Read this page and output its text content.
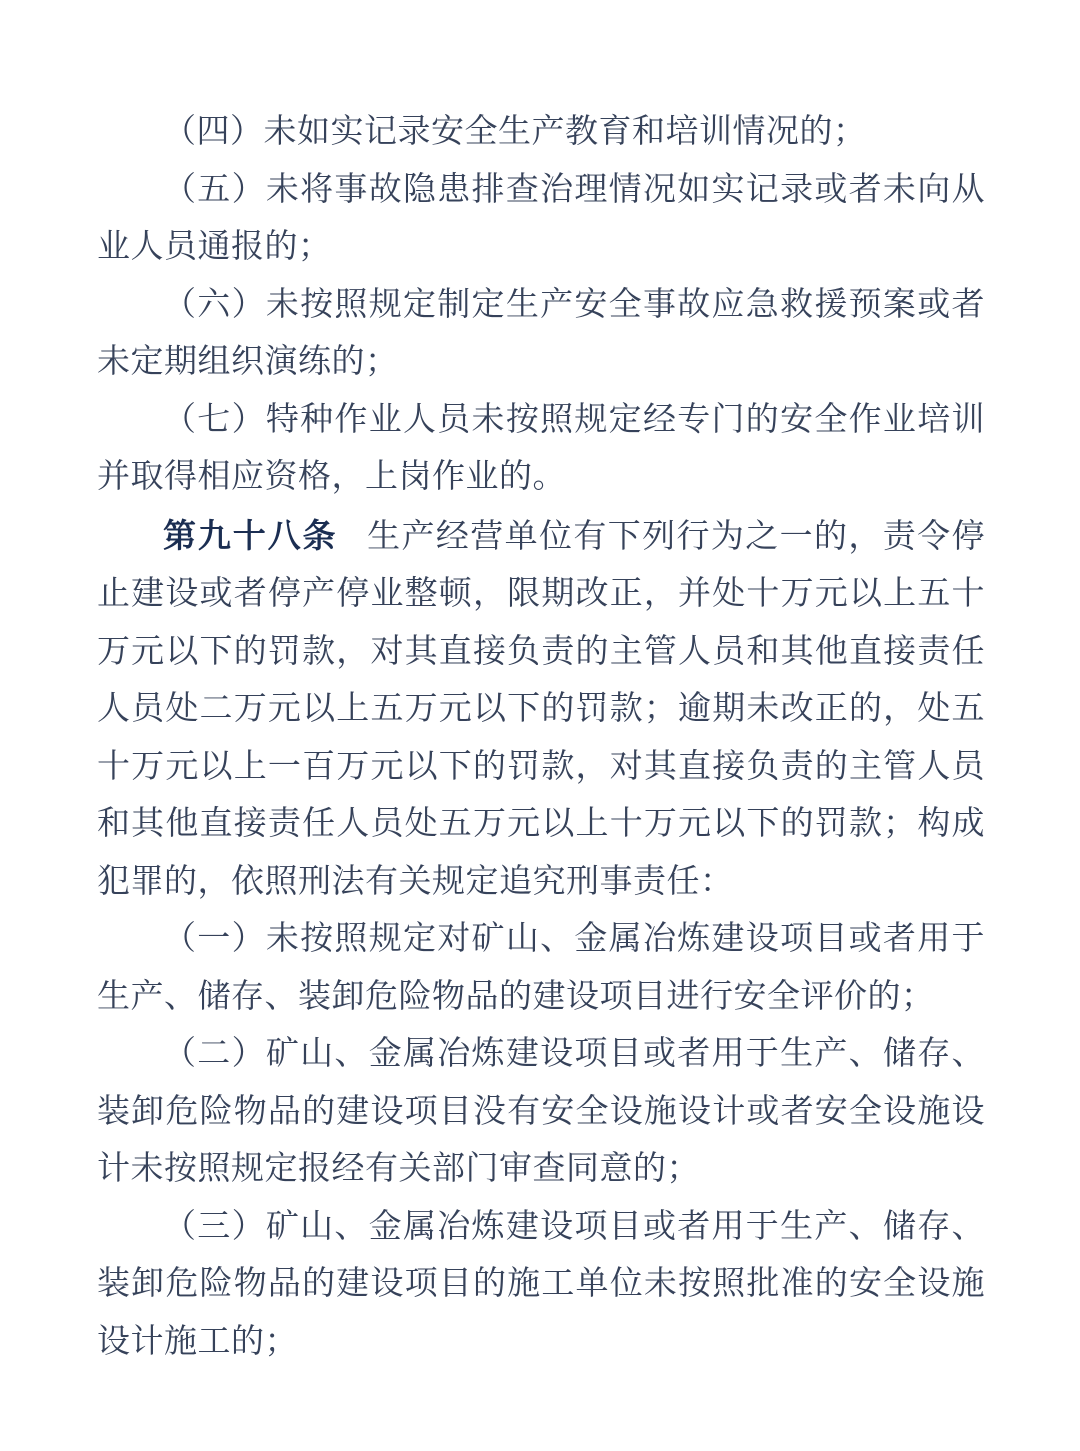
（四）未如实记录安全生产教育和培训情况的；

（五）未将事故隐患排查治理情况如实记录或者未向从业人员通报的；

（六）未按照规定制定生产安全事故应急救援预案或者未定期组织演练的；

（七）特种作业人员未按照规定经专门的安全作业培训并取得相应资格，上岗作业的。

第九十八条 生产经营单位有下列行为之一的，责令停止建设或者停产停业整顿，限期改正，并处十万元以上五十万元以下的罚款，对其直接负责的主管人员和其他直接责任人员处二万元以上五万元以下的罚款；逾期未改正的，处五十万元以上一百万元以下的罚款，对其直接负责的主管人员和其他直接责任人员处五万元以上十万元以下的罚款；构成犯罪的，依照刑法有关规定追究刑事责任：

（一）未按照规定对矿山、金属冶炼建设项目或者用于生产、储存、装卸危险物品的建设项目进行安全评价的；

（二）矿山、金属冶炼建设项目或者用于生产、储存、装卸危险物品的建设项目没有安全设施设计或者安全设施设计未按照规定报经有关部门审查同意的；

（三）矿山、金属冶炼建设项目或者用于生产、储存、装卸危险物品的建设项目的施工单位未按照批准的安全设施设计施工的；
